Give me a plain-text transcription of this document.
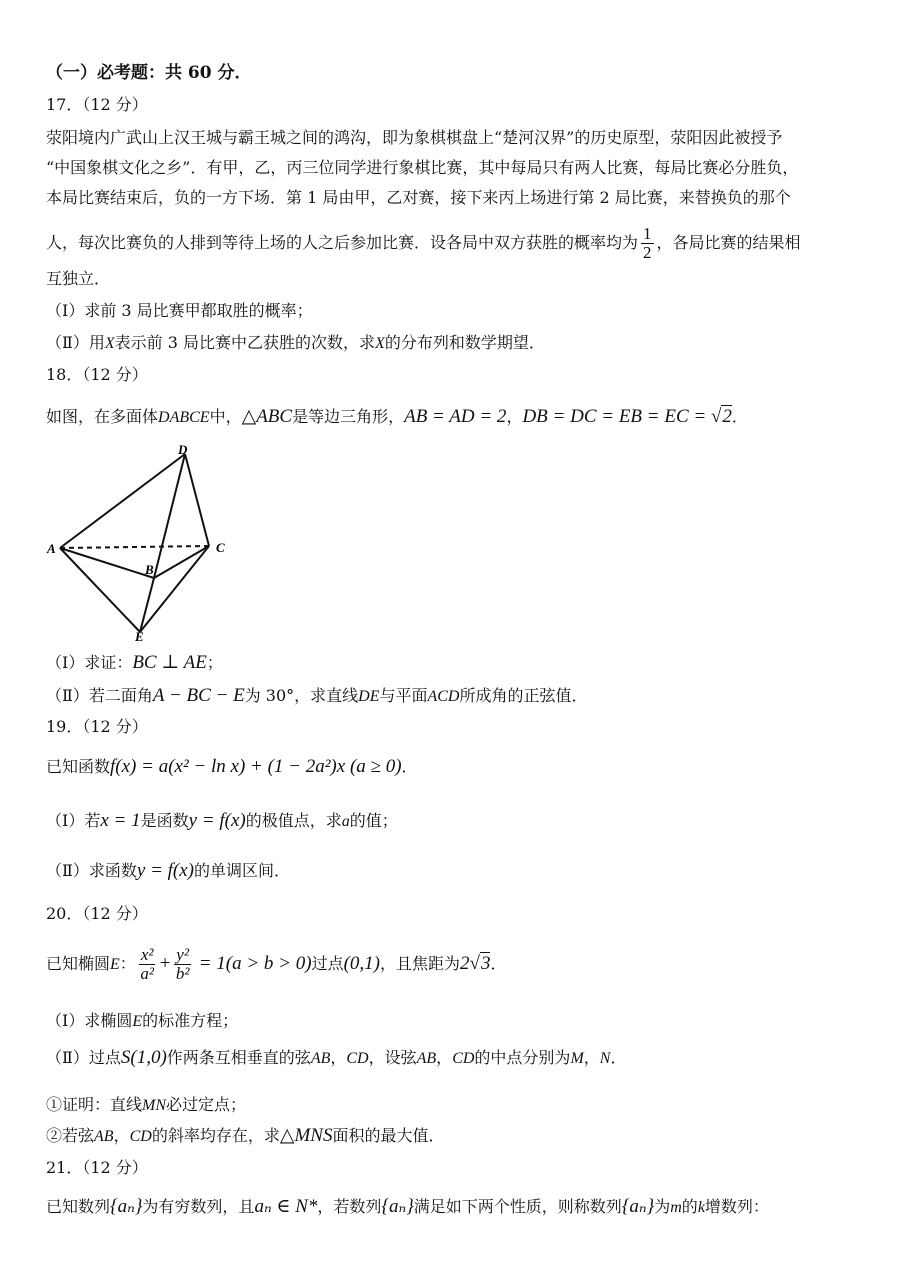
（一）必考题：共 60 分．
17．（12 分）
荥阳境内广武山上汉王城与霸王城之间的鸿沟，即为象棋棋盘上“楚河汉界”的历史原型，荥阳因此被授予
“中国象棋文化之乡”．有甲，乙，丙三位同学进行象棋比赛，其中每局只有两人比赛，每局比赛必分胜负，
本局比赛结束后，负的一方下场．第 1 局由甲，乙对赛，接下来丙上场进行第 2 局比赛，来替换负的那个
人，每次比赛负的人排到等待上场的人之后参加比赛．设各局中双方获胜的概率均为 $\frac{1}{2}$ ，各局比赛的结果相
互独立．
（Ⅰ）求前 3 局比赛甲都取胜的概率；
（Ⅱ）用X表示前 3 局比赛中乙获胜的次数，求X的分布列和数学期望．
18．（12 分）
如图，在多面体DABCE中，△ABC是等边三角形，AB = AD = 2，DB = DC = EB = EC = √2．
D
A	C
B
E
（Ⅰ）求证：BC ⊥ AE；
（Ⅱ）若二面角A − BC − E为 30°，求直线DE与平面ACD所成角的正弦值．
19．（12 分）
已知函数f(x) = a(x² − ln x) + (1 − 2a²)x (a ≥ 0)．
（Ⅰ）若x = 1是函数y = f(x)的极值点，求a的值；
（Ⅱ）求函数y = f(x)的单调区间．
20．（12 分）
已知椭圆E： $\frac{\text{x²}}{\text{a²}} + \frac{\text{y²}}{\text{b²}} = 1(a > b > 0)$过点(0,1)，且焦距为2√3．
（Ⅰ）求椭圆E的标准方程；
（Ⅱ）过点S(1,0)作两条互相垂直的弦AB，CD，设弦AB，CD的中点分别为M，N．
①证明：直线MN必过定点；
②若弦AB，CD的斜率均存在，求△MNS面积的最大值．
21．（12 分）
已知数列{aₙ}为有穷数列，且aₙ ∈ N*，若数列{aₙ}满足如下两个性质，则称数列{aₙ}为m的k增数列：
